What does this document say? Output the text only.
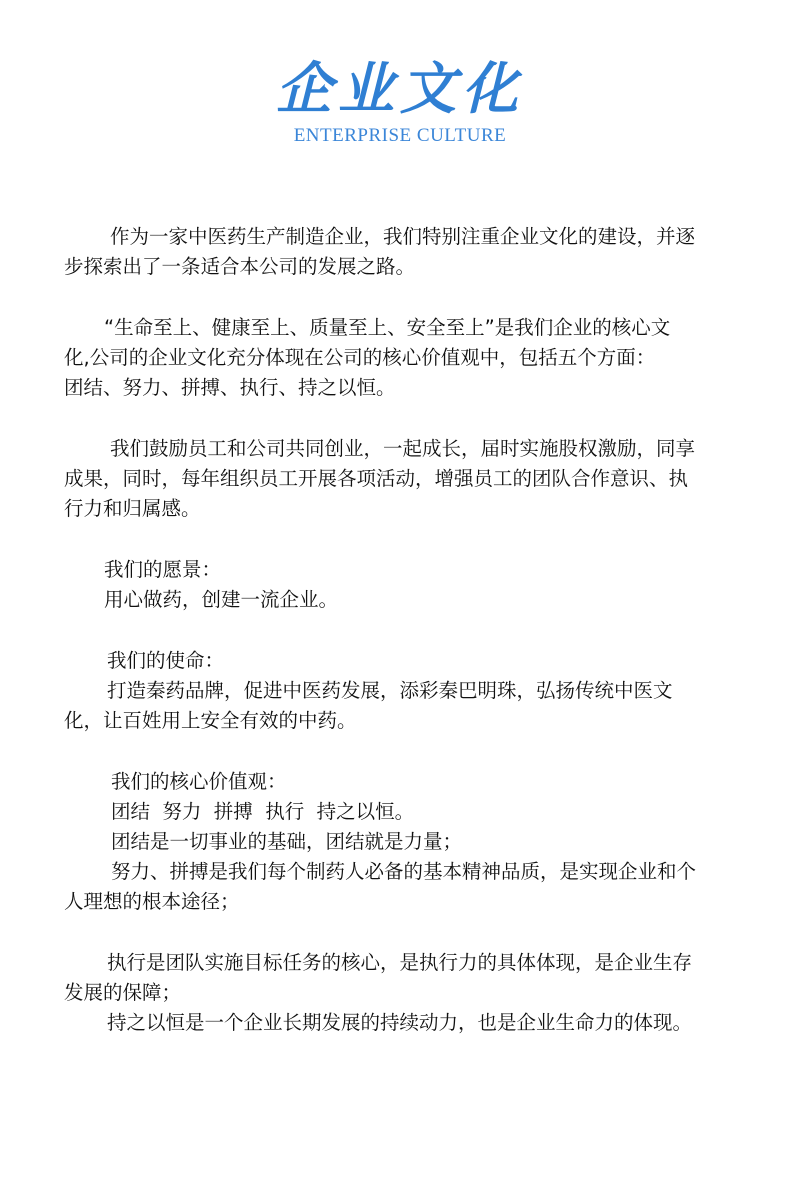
企业文化
ENTERPRISE CULTURE
作为一家中医药生产制造企业，我们特别注重企业文化的建设，并逐
步探索出了一条适合本公司的发展之路。
“生命至上、健康至上、质量至上、安全至上”是我们企业的核心文
化,公司的企业文化充分体现在公司的核心价值观中，包括五个方面：
团结、努力、拼搏、执行、持之以恒。
我们鼓励员工和公司共同创业，一起成长，届时实施股权激励，同享
成果，同时，每年组织员工开展各项活动，增强员工的团队合作意识、执
行力和归属感。
我们的愿景：
用心做药，创建一流企业。
我们的使命：
打造秦药品牌，促进中医药发展，添彩秦巴明珠，弘扬传统中医文
化，让百姓用上安全有效的中药。
我们的核心价值观：
团结  努力  拼搏  执行  持之以恒。
团结是一切事业的基础，团结就是力量；
努力、拼搏是我们每个制药人必备的基本精神品质，是实现企业和个
人理想的根本途径；
执行是团队实施目标任务的核心，是执行力的具体体现，是企业生存
发展的保障；
持之以恒是一个企业长期发展的持续动力，也是企业生命力的体现。
